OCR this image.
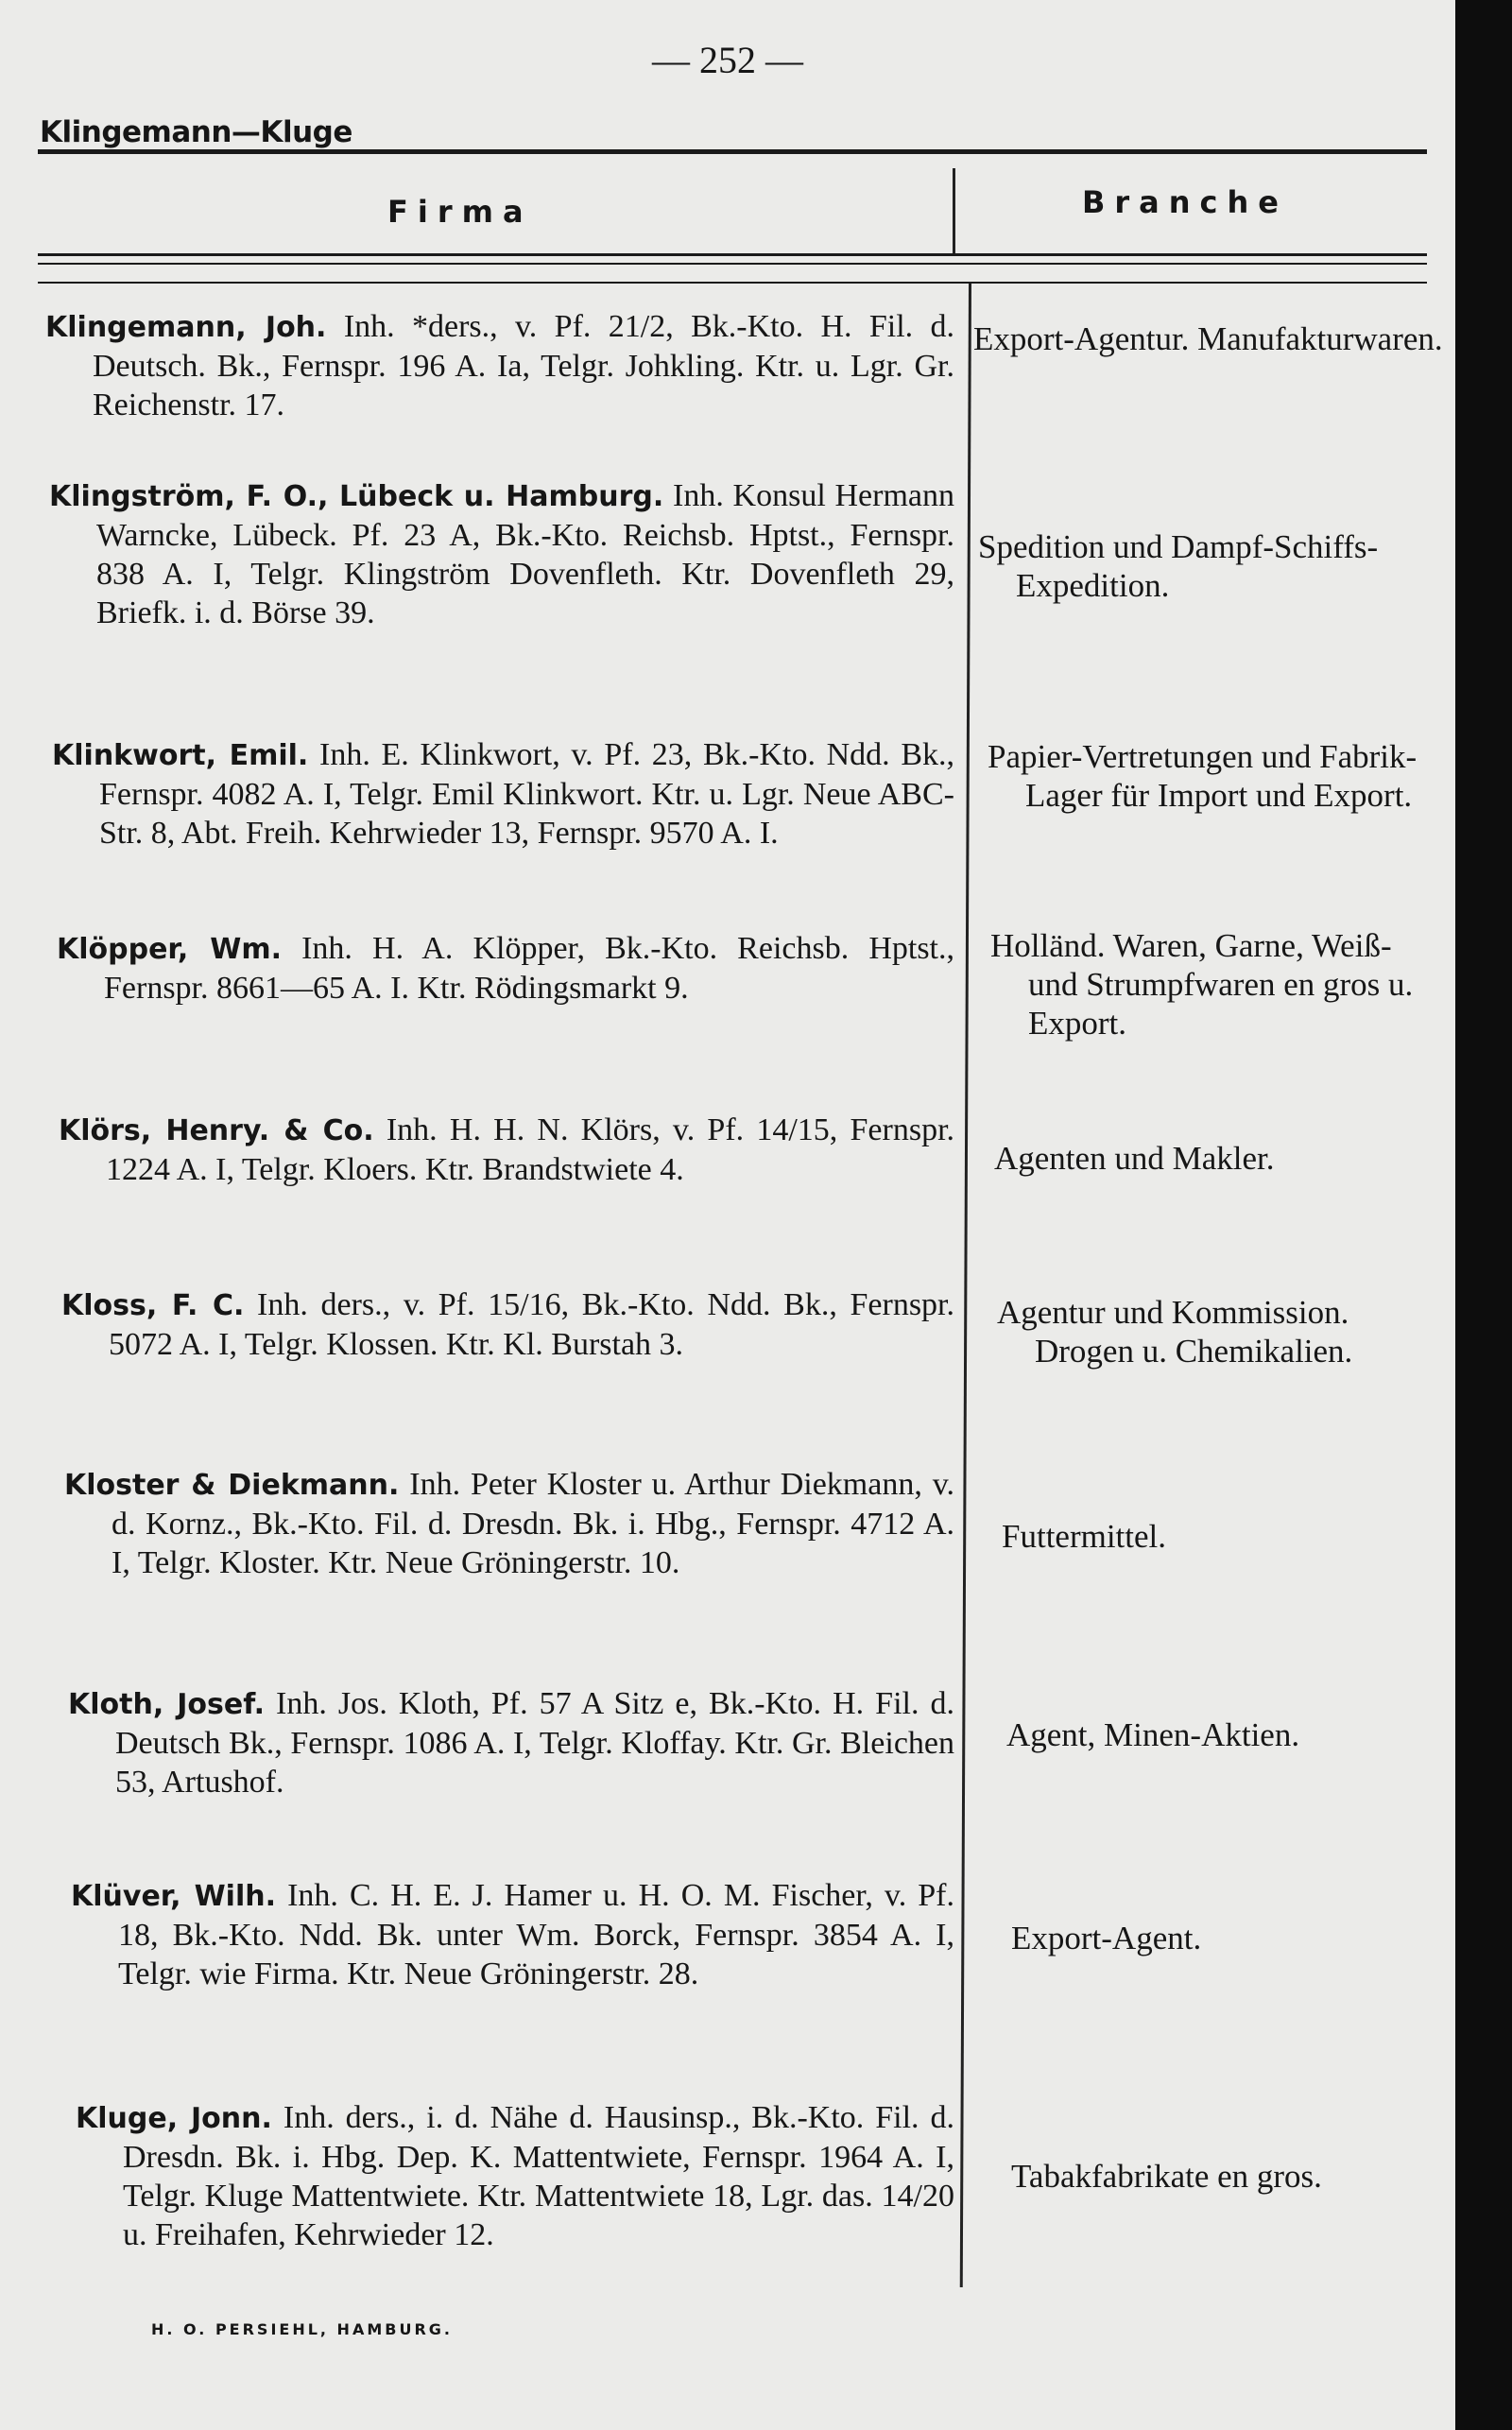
— 252 —
Klingemann—Kluge
Firma	Branche
Klingemann, Joh. Inh. *ders., v. Pf. 21/2, Bk.-Kto. H. Fil. d. Deutsch. Bk., Fernspr. 196 A. Ia, Telgr. Johkling. Ktr. u. Lgr. Gr. Reichenstr. 17.
Export-Agentur. Manufakturwaren.
Klingström, F. O., Lübeck u. Hamburg. Inh. Konsul Hermann Warncke, Lübeck. Pf. 23 A, Bk.-Kto. Reichsb. Hptst., Fernspr. 838 A. I, Telgr. Klingström Dovenfleth. Ktr. Dovenfleth 29, Briefk. i. d. Börse 39.
Spedition und Dampf-Schiffs-Expedition.
Klinkwort, Emil. Inh. E. Klinkwort, v. Pf. 23, Bk.-Kto. Ndd. Bk., Fernspr. 4082 A. I, Telgr. Emil Klinkwort. Ktr. u. Lgr. Neue ABC-Str. 8, Abt. Freih. Kehrwieder 13, Fernspr. 9570 A. I.
Papier-Vertretungen und Fabrik-Lager für Import und Export.
Klöpper, Wm. Inh. H. A. Klöpper, Bk.-Kto. Reichsb. Hptst., Fernspr. 8661—65 A. I. Ktr. Rödingsmarkt 9.
Holländ. Waren, Garne, Weiß- und Strumpfwaren en gros u. Export.
Klörs, Henry. & Co. Inh. H. H. N. Klörs, v. Pf. 14/15, Fernspr. 1224 A. I, Telgr. Kloers. Ktr. Brandstwiete 4.	Agenten und Makler.
Kloss, F. C. Inh. ders., v. Pf. 15/16, Bk.-Kto. Ndd. Bk., Fernspr. 5072 A. I, Telgr. Klossen. Ktr. Kl. Burstah 3.
Agentur und Kommission. Drogen u. Chemikalien.
Kloster & Diekmann. Inh. Peter Kloster u. Arthur Diekmann, v. d. Kornz., Bk.-Kto. Fil. d. Dresdn. Bk. i. Hbg., Fernspr. 4712 A. I, Telgr. Kloster. Ktr. Neue Gröningerstr. 10.
Futtermittel.
Kloth, Josef. Inh. Jos. Kloth, Pf. 57 A Sitz e, Bk.-Kto. H. Fil. d. Deutsch Bk., Fernspr. 1086 A. I, Telgr. Kloffay. Ktr. Gr. Bleichen 53, Artushof.
Agent, Minen-Aktien.
Klüver, Wilh. Inh. C. H. E. J. Hamer u. H. O. M. Fischer, v. Pf. 18, Bk.-Kto. Ndd. Bk. unter Wm. Borck, Fernspr. 3854 A. I, Telgr. wie Firma. Ktr. Neue Gröningerstr. 28.
Export-Agent.
Kluge, Jonn. Inh. ders., i. d. Nähe d. Hausinsp., Bk.-Kto. Fil. d. Dresdn. Bk. i. Hbg. Dep. K. Mattentwiete, Fernspr. 1964 A. I, Telgr. Kluge Mattentwiete. Ktr. Mattentwiete 18, Lgr. das. 14/20 u. Freihafen, Kehrwieder 12.
Tabakfabrikate en gros.
H. O. PERSIEHL, HAMBURG.
